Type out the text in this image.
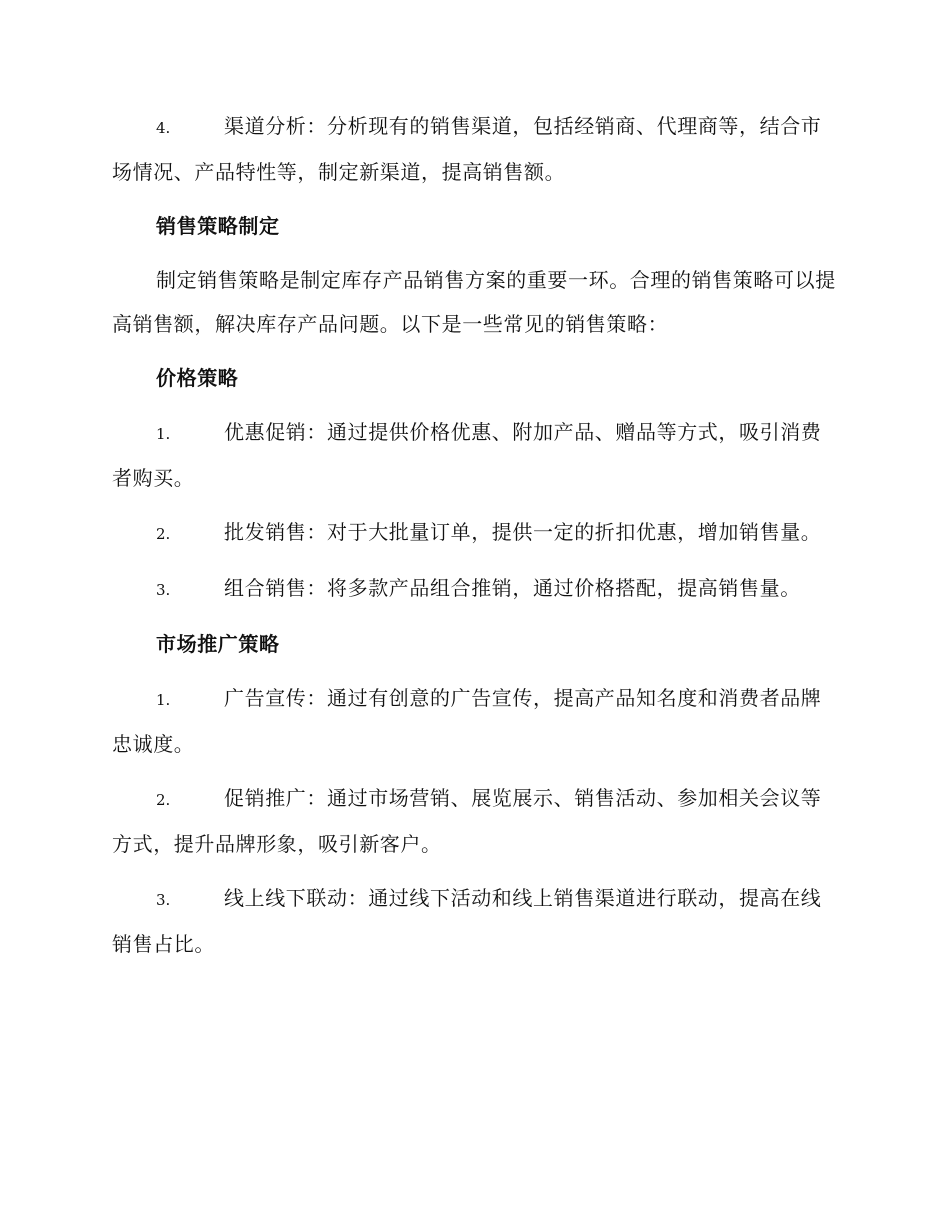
4.	渠道分析：分析现有的销售渠道，包括经销商、代理商等，结合市场情况、产品特性等，制定新渠道，提高销售额。

销售策略制定

制定销售策略是制定库存产品销售方案的重要一环。合理的销售策略可以提高销售额，解决库存产品问题。以下是一些常见的销售策略：

价格策略

1.	优惠促销：通过提供价格优惠、附加产品、赠品等方式，吸引消费者购买。

2.	批发销售：对于大批量订单，提供一定的折扣优惠，增加销售量。

3.	组合销售：将多款产品组合推销，通过价格搭配，提高销售量。

市场推广策略

1.	广告宣传：通过有创意的广告宣传，提高产品知名度和消费者品牌忠诚度。

2.	促销推广：通过市场营销、展览展示、销售活动、参加相关会议等方式，提升品牌形象，吸引新客户。

3.	线上线下联动：通过线下活动和线上销售渠道进行联动，提高在线销售占比。
